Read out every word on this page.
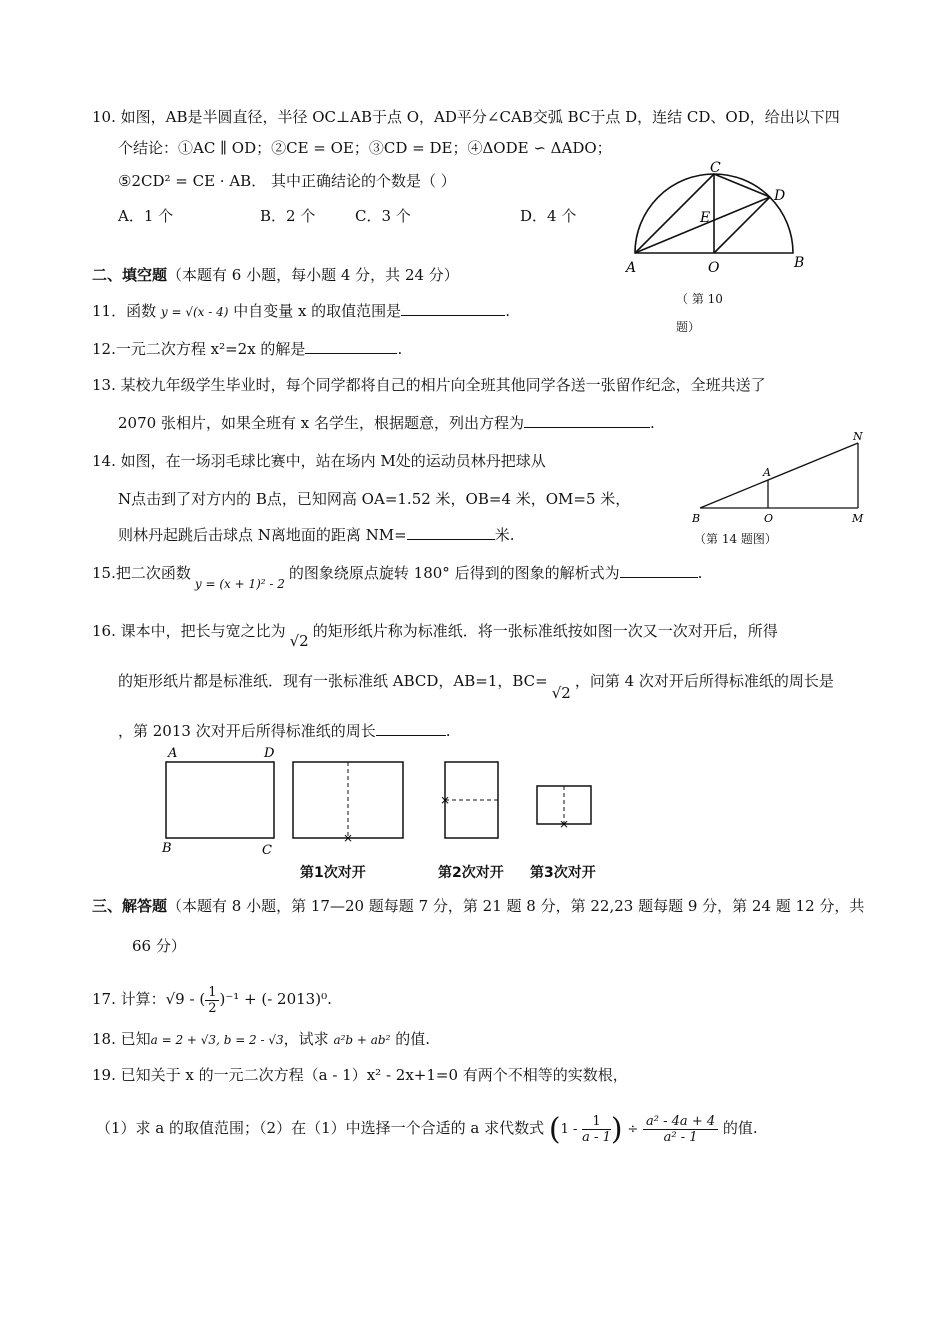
10. 如图，AB是半圆直径，半径 OC⊥AB于点 O，AD平分∠CAB交弧 BC于点 D，连结 CD、OD，给出以下四
个结论：①AC ∥ OD；②CE = OE；③CD = DE；④ΔODE ∽ ΔADO；
⑤2CD² = CE · AB． 其中正确结论的个数是（ ）
A．1 个	B．2 个	C．3 个	D．4 个
C
D
E
A	O	B
（ 第 10
题）
二、填空题（本题有 6 小题，每小题 4 分，共 24 分）
11．函数 y = √(x - 4) 中自变量 x 的取值范围是	.
12.一元二次方程 x²=2x 的解是	.
13. 某校九年级学生毕业时，每个同学都将自己的相片向全班其他同学各送一张留作纪念，全班共送了
2070 张相片，如果全班有 x 名学生，根据题意，列出方程为	.
14. 如图，在一场羽毛球比赛中，站在场内 M处的运动员林丹把球从
N点击到了对方内的 B点，已知网高 OA=1.52 米，OB=4 米，OM=5 米，
则林丹起跳后击球点 N离地面的距离 NM=	米.
N
A
B	O	M
（第 14 题图）
15.把二次函数$_{y = (x + 1)^2 - 2}$的图象绕原点旋转 180° 后得到的图象的解析式为	.
16. 课本中，把长与宽之比为√2的矩形纸片称为标准纸．将一张标准纸按如图一次又一次对开后，所得
的矩形纸片都是标准纸．现有一张标准纸 ABCD，AB=1，BC=√2，问第 4 次对开后所得标准纸的周长是
，第 2013 次对开后所得标准纸的周长	.
A	D
B	C
×
×
×
第1次对开	第2次对开 第3次对开
三、解答题（本题有 8 小题，第 17—20 题每题 7 分，第 21 题 8 分，第 22,23 题每题 9 分，第 24 题 12 分，共
66 分）
17. 计算：√9 - ( $\frac{1}{2} )^{-1}$ + (- 2013)⁰.
18. 已知a = 2 + √3, b = 2 - √3，试求 a²b + ab² 的值.
19. 已知关于 x 的一元二次方程（a - 1）x² - 2x+1=0 有两个不相等的实数根，
（1）求 a 的取值范围；（2）在（1）中选择一个合适的 a 求代数式 ($1 - \frac{1}{a - 1}$ ) ÷ $\frac{\text{a² - 4a + 4}}{\text{a² - 1}}$ 的值.
